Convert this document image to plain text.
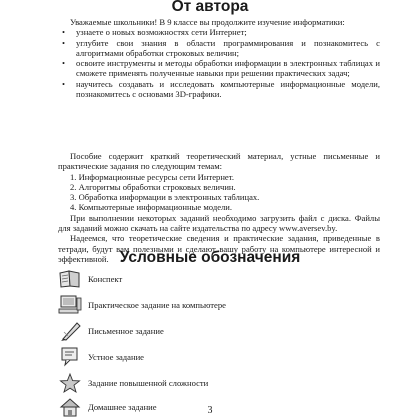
От автора

Уважаемые школьники! В 9 классе вы продолжите изучение информатики:

• узнаете о новых возможностях сети Интернет;
• углубите свои знания в области программирования и познакомитесь с алгоритмами обработки строковых величин;
• освоите инструменты и методы обработки информации в электронных таблицах и сможете применять полученные навыки при решении практических задач;
• научитесь создавать и исследовать компьютерные информационные модели, познакомитесь с основами 3D-графики.

Пособие содержит краткий теоретический материал, устные письменные и практические задания по следующим темам:

1. Информационные ресурсы сети Интернет.
2. Алгоритмы обработки строковых величин.
3. Обработка информации в электронных таблицах.
4. Компьютерные информационные модели.

При выполнении некоторых заданий необходимо загрузить файл с диска. Файлы для заданий можно скачать на сайте издательства по адресу www.aversev.by.

Надеемся, что теоретические сведения и практические задания, приведенные в тетради, будут вам полезными и сделают вашу работу на компьютере интересной и эффективной. Условные обозначения
Конспект
Практическое задание на компьютере
Письменное задание
Устное задание
Задание повышенной сложности
Домашнее задание	3
